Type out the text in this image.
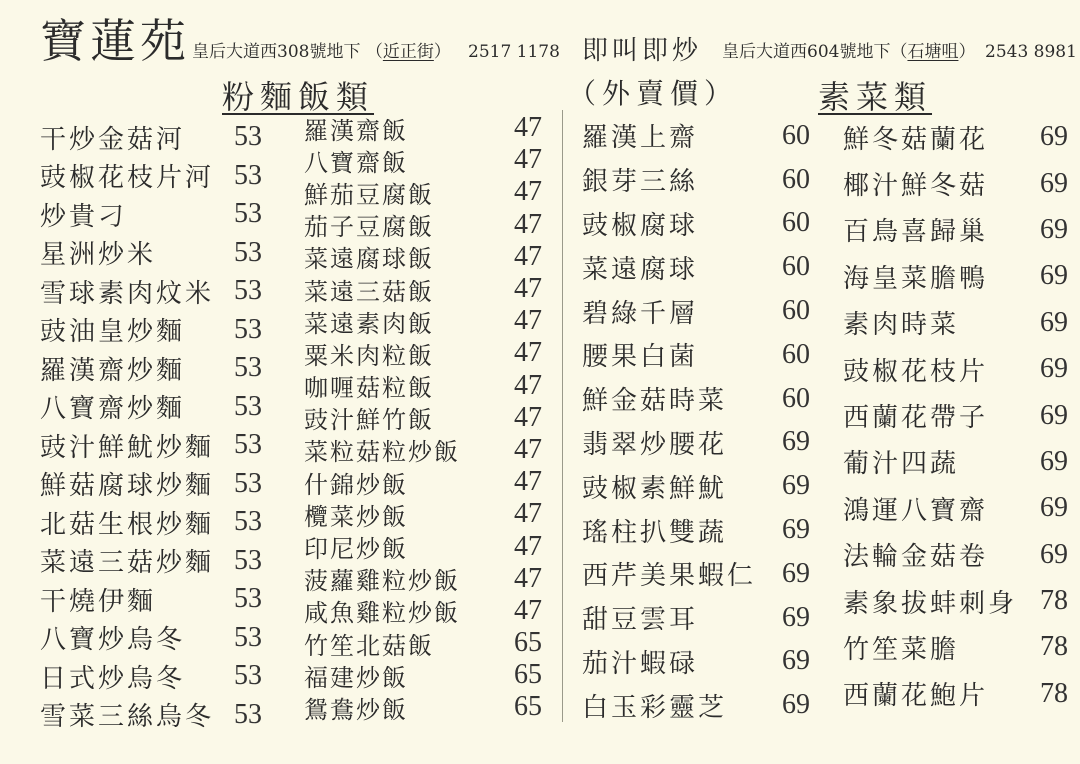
寶蓮苑 皇后大道西308號地下 （近正街） 2517 1178 即叫即炒
（外賣價）
皇后大道西604號地下（石塘咀） 2543 8981
粉麵飯類	素菜類
干炒金菇河 53
豉椒花枝片河 53
炒貴刁	53
星洲炒米	53
雪球素肉炆米 53
豉油皇炒麵 53
羅漢齋炒麵 53
八寶齋炒麵 53
豉汁鮮魷炒麵 53
鮮菇腐球炒麵 53
北菇生根炒麵 53
菜遠三菇炒麵 53
干燒伊麵	53
八寶炒烏冬 53
日式炒烏冬 53
雪菜三絲烏冬 53
羅漢齋飯	47
八寶齋飯	47
鮮茄豆腐飯	47
茄子豆腐飯	47
菜遠腐球飯	47
菜遠三菇飯	47
菜遠素肉飯	47
粟米肉粒飯	47
咖喱菇粒飯	47
豉汁鮮竹飯	47
菜粒菇粒炒飯 47
什錦炒飯	47
欖菜炒飯	47
印尼炒飯	47
菠蘿雞粒炒飯 47
咸魚雞粒炒飯 47
竹笙北菇飯	65
福建炒飯	65
鴛鴦炒飯	65
羅漢上齋	60
銀芽三絲	60
豉椒腐球	60
菜遠腐球	60
碧綠千層	60
腰果白菌	60
鮮金菇時菜 60
翡翠炒腰花 69
豉椒素鮮魷 69
瑤柱扒雙蔬 69
西芹美果蝦仁 69
甜豆雲耳	69
茄汁蝦碌	69
白玉彩靈芝 69
鮮冬菇蘭花 69
椰汁鮮冬菇 69
百鳥喜歸巢 69
海皇菜膽鴨 69
素肉時菜	69
豉椒花枝片 69
西蘭花帶子 69
葡汁四蔬	69
鴻運八寶齋 69
法輪金菇卷 69
素象拔蚌刺身 78
竹笙菜膽	78
西蘭花鮑片 78
